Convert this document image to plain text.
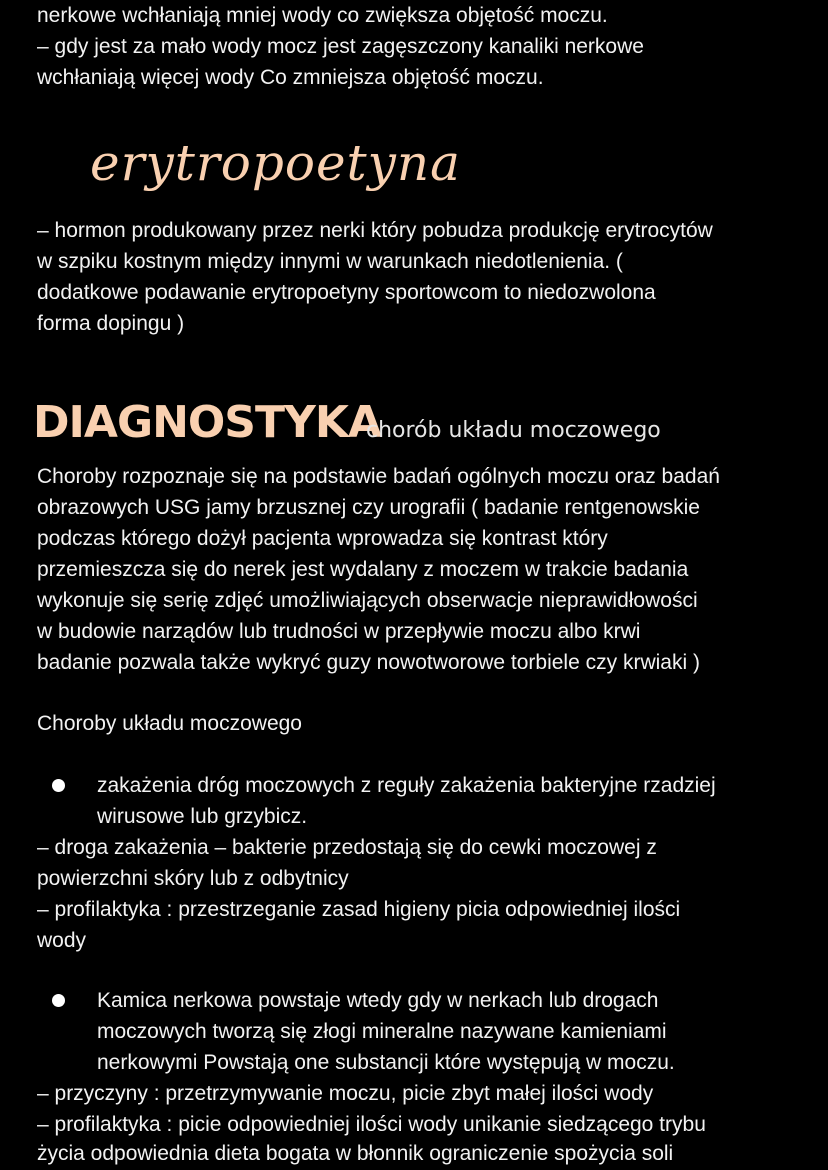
nerkowe wchłaniają mniej wody co zwiększa objętość moczu.
– gdy jest za mało wody mocz jest zagęszczony kanaliki nerkowe
wchłaniają więcej wody Co zmniejsza objętość moczu.
erytropoetyna
– hormon produkowany przez nerki który pobudza produkcję erytrocytów
w szpiku kostnym między innymi w warunkach niedotlenienia. (
dodatkowe podawanie erytropoetyny sportowcom to niedozwolona
forma dopingu )
DIAGNOSTYKA
chorób układu moczowego
Choroby rozpoznaje się na podstawie badań ogólnych moczu oraz badań
obrazowych USG jamy brzusznej czy urografii ( badanie rentgenowskie
podczas którego dożył pacjenta wprowadza się kontrast który
przemieszcza się do nerek jest wydalany z moczem w trakcie badania
wykonuje się serię zdjęć umożliwiających obserwacje nieprawidłowości
w budowie narządów lub trudności w przepływie moczu albo krwi
badanie pozwala także wykryć guzy nowotworowe torbiele czy krwiaki )
Choroby układu moczowego
zakażenia dróg moczowych z reguły zakażenia bakteryjne rzadziej
wirusowe lub grzybicz.
– droga zakażenia – bakterie przedostają się do cewki moczowej z
powierzchni skóry lub z odbytnicy
– profilaktyka : przestrzeganie zasad higieny picia odpowiedniej ilości
wody
Kamica nerkowa powstaje wtedy gdy w nerkach lub drogach
moczowych tworzą się złogi mineralne nazywane kamieniami
nerkowymi Powstają one substancji które występują w moczu.
– przyczyny : przetrzymywanie moczu, picie zbyt małej ilości wody
– profilaktyka : picie odpowiedniej ilości wody unikanie siedzącego trybu
życia odpowiednia dieta bogata w błonnik ograniczenie spożycia soli
